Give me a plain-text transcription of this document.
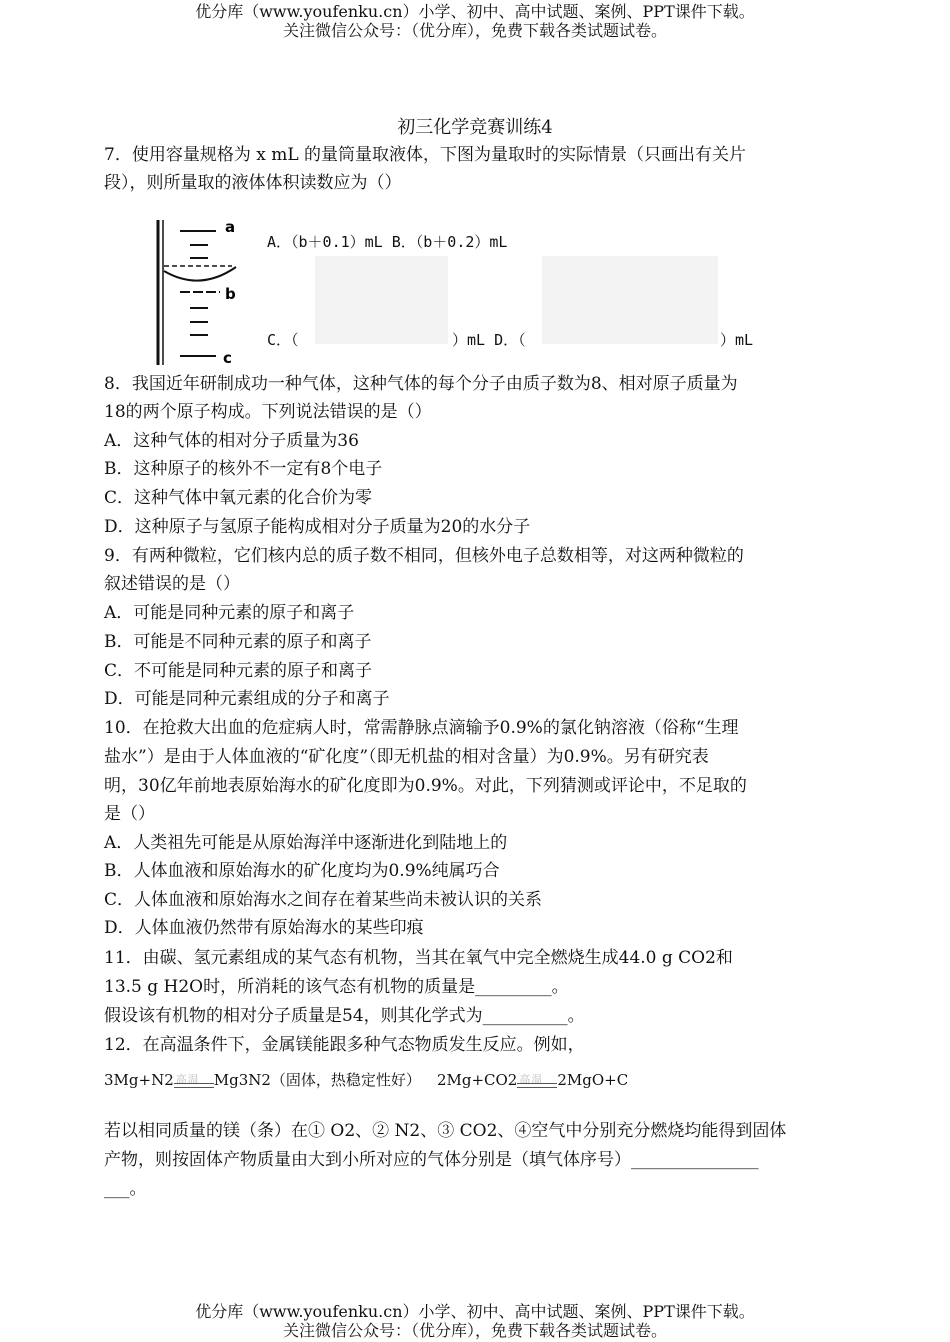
优分库（www.youfenku.cn）小学、初中、高中试题、案例、PPT课件下载。
关注微信公众号：（优分库），免费下载各类试题试卷。
初三化学竞赛训练4
7．使用容量规格为 x mL 的量筒量取液体，下图为量取时的实际情景（只画出有关片
段），则所量取的液体体积读数应为（）
a
b
c
A．（b＋0.1）mL B．（b＋0.2）mL
C．（	）mL D．（	）mL
8．我国近年研制成功一种气体，这种气体的每个分子由质子数为8、相对原子质量为
18的两个原子构成。下列说法错误的是（）
A．这种气体的相对分子质量为36
B．这种原子的核外不一定有8个电子
C．这种气体中氧元素的化合价为零
D．这种原子与氢原子能构成相对分子质量为20的水分子
9．有两种微粒，它们核内总的质子数不相同，但核外电子总数相等，对这两种微粒的
叙述错误的是（）
A．可能是同种元素的原子和离子
B．可能是不同种元素的原子和离子
C．不可能是同种元素的原子和离子
D．可能是同种元素组成的分子和离子
10．在抢救大出血的危症病人时，常需静脉点滴输予0.9%的氯化钠溶液（俗称“生理
盐水”）是由于人体血液的“矿化度”（即无机盐的相对含量）为0.9%。另有研究表
明，30亿年前地表原始海水的矿化度即为0.9%。对此，下列猜测或评论中，不足取的
是（）
A．人类祖先可能是从原始海洋中逐渐进化到陆地上的
B．人体血液和原始海水的矿化度均为0.9%纯属巧合
C．人体血液和原始海水之间存在着某些尚未被认识的关系
D．人体血液仍然带有原始海水的某些印痕
11．由碳、氢元素组成的某气态有机物，当其在氧气中完全燃烧生成44.0 g CO2和
13.5 g H2O时，所消耗的该气态有机物的质量是_________。
假设该有机物的相对分子质量是54，则其化学式为__________。
12．在高温条件下，金属镁能跟多种气态物质发生反应。例如，
3Mg+N2 高温 Mg3N2（固体，热稳定性好） 2Mg+CO2 高温 2MgO+C
若以相同质量的镁（条）在① O2、② N2、③ CO2、④空气中分别充分燃烧均能得到固体
产物，则按固体产物质量由大到小所对应的气体分别是（填气体序号）_______________
___。
优分库（www.youfenku.cn）小学、初中、高中试题、案例、PPT课件下载。
关注微信公众号：（优分库），免费下载各类试题试卷。
